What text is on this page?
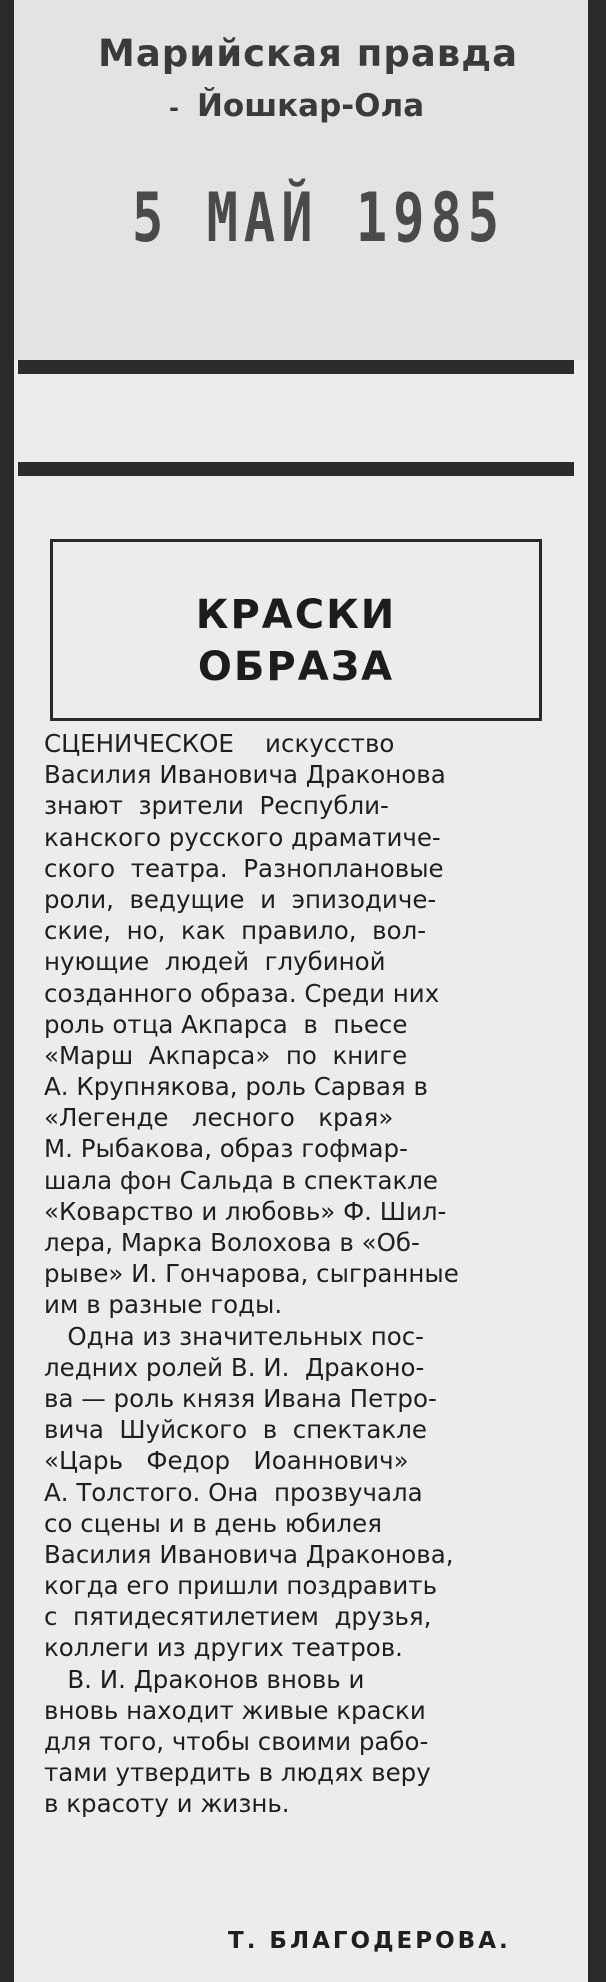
Марийская правда
- Йошкар-Ола
5 МАЙ 1985
КРАСКИ
ОБРАЗА
СЦЕНИЧЕСКОЕ    искусство
Василия Ивановича Драконова
знают  зрители  Республи-
канского русского драматиче-
ского  театра.  Разноплановые
роли,  ведущие  и  эпизодиче-
ские,  но,  как  правило,  вол-
нующие  людей  глубиной
созданного образа. Среди них
роль отца Акпарса  в  пьесе
«Марш  Акпарса»  по  книге
А. Крупнякова, роль Сарвая в
«Легенде   лесного   края»
М. Рыбакова, образ гофмар-
шала фон Сальда в спектакле
«Коварство и любовь» Ф. Шил-
лера, Марка Волохова в «Об-
рыве» И. Гончарова, сыгранные
им в разные годы.
Одна из значительных пос-
ледних ролей В. И.  Драконо-
ва — роль князя Ивана Петро-
вича  Шуйского  в  спектакле
«Царь   Федор   Иоаннович»
А. Толстого. Она  прозвучала
со сцены и в день юбилея
Василия Ивановича Драконова,
когда его пришли поздравить
с  пятидесятилетием  друзья,
коллеги из других театров.
В. И. Драконов вновь и
вновь находит живые краски
для того, чтобы своими рабо-
тами утвердить в людях веру
в красоту и жизнь.
Т. БЛАГОДЕРОВА.
